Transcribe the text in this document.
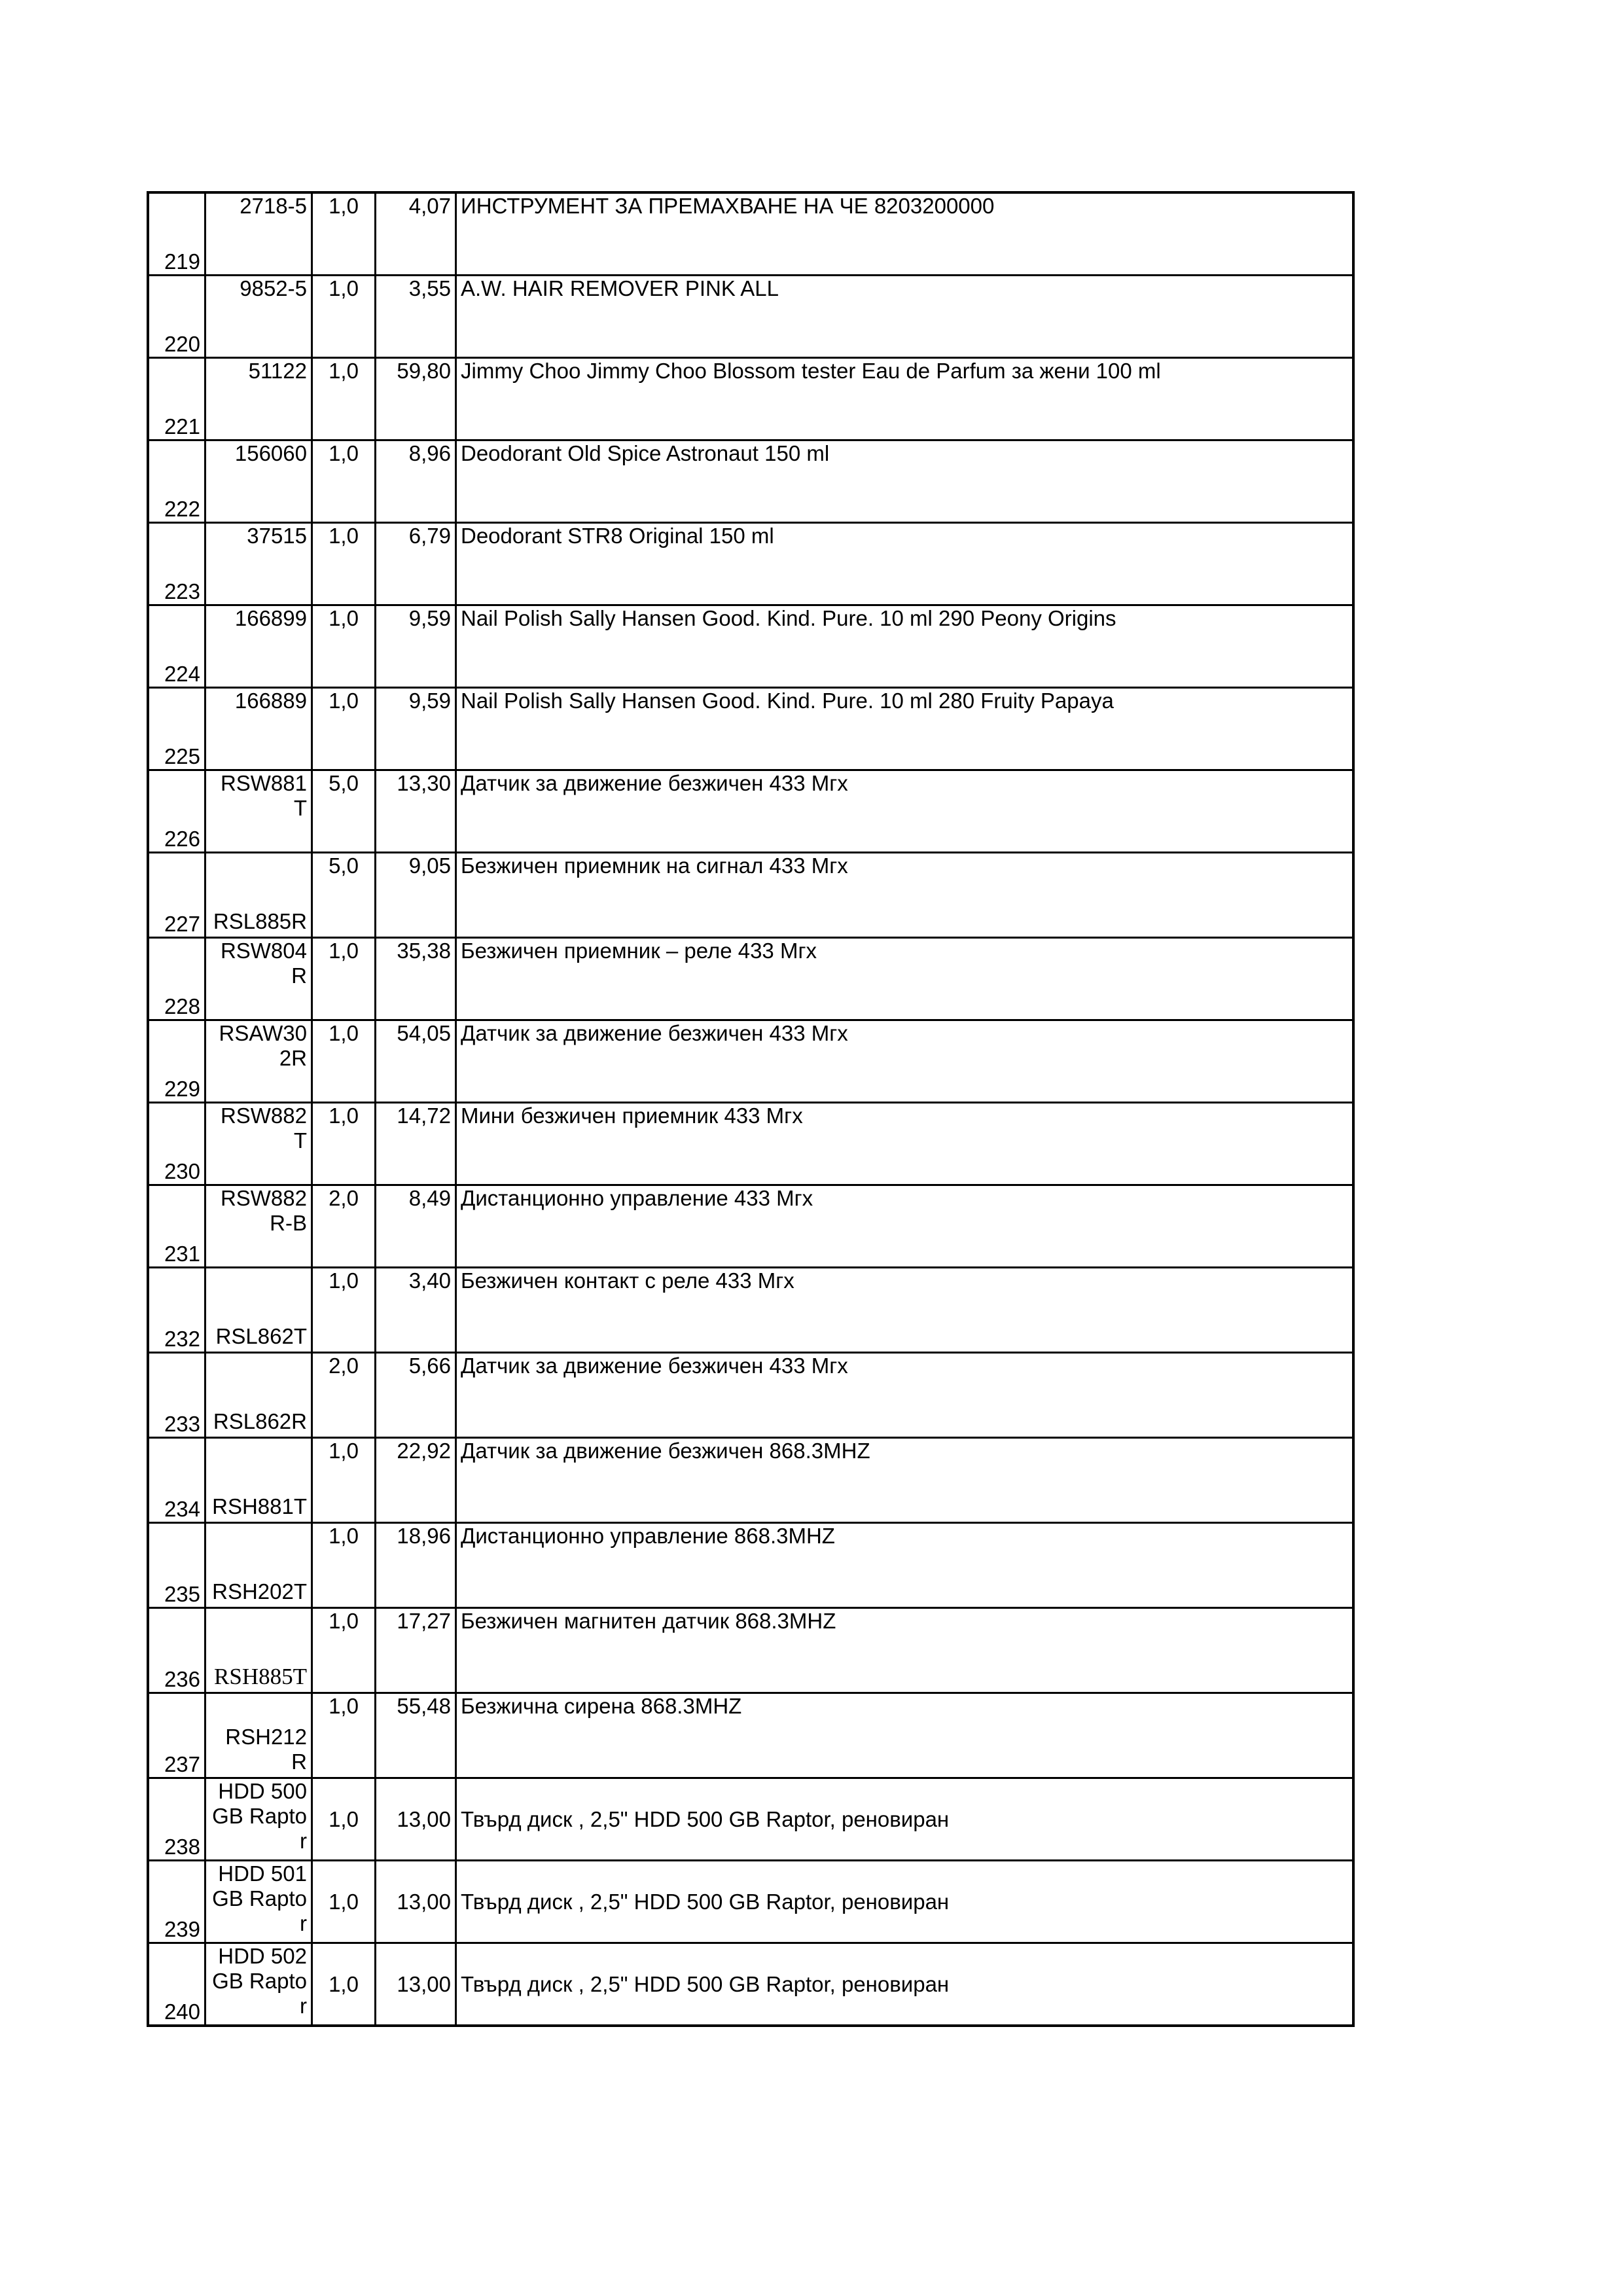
219	2718-5	1,0	4,07	ИНСТРУМЕНТ ЗА ПРЕМАХВАНЕ НА ЧЕ 8203200000
220	9852-5	1,0	3,55	A.W. HAIR REMOVER PINK ALL
221	51122	1,0	59,80	Jimmy Choo Jimmy Choo Blossom tester Eau de Parfum за жени 100 ml
222	156060	1,0	8,96	Deodorant Old Spice Astronaut 150 ml
223	37515	1,0	6,79	Deodorant STR8 Original 150 ml
224	166899	1,0	9,59	Nail Polish Sally Hansen Good. Kind. Pure. 10 ml 290 Peony Origins
225	166889	1,0	9,59	Nail Polish Sally Hansen Good. Kind. Pure. 10 ml 280 Fruity Papaya
226	RSW881T	5,0	13,30	Датчик за движение безжичен 433 Mгх
227	RSL885R	5,0	9,05	Безжичен приемник на сигнал 433 Mгх
228	RSW804R	1,0	35,38	Безжичен приемник – реле 433 Mгх
229	RSAW302R	1,0	54,05	Датчик за движение безжичен 433 Mгх
230	RSW882T	1,0	14,72	Мини безжичен приемник 433 Mгх
231	RSW882R-B	2,0	8,49	Дистанционно управление 433 Mгх
232	RSL862T	1,0	3,40	Безжичен контакт с реле 433 Mгх
233	RSL862R	2,0	5,66	Датчик за движение безжичен 433 Mгх
234	RSH881T	1,0	22,92	Датчик за движение безжичен 868.3MHZ
235	RSH202T	1,0	18,96	Дистанционно управление 868.3MHZ
236	RSH885T	1,0	17,27	Безжичен магнитен датчик 868.3MHZ
237	RSH212R	1,0	55,48	Безжична сирена 868.3MHZ
238	HDD 500 GB Raptor	1,0	13,00	Твърд диск , 2,5" HDD 500 GB Raptor, реновиран
239	HDD 501 GB Raptor	1,0	13,00	Твърд диск , 2,5" HDD 500 GB Raptor, реновиран
240	HDD 502 GB Raptor	1,0	13,00	Твърд диск , 2,5" HDD 500 GB Raptor, реновиран
